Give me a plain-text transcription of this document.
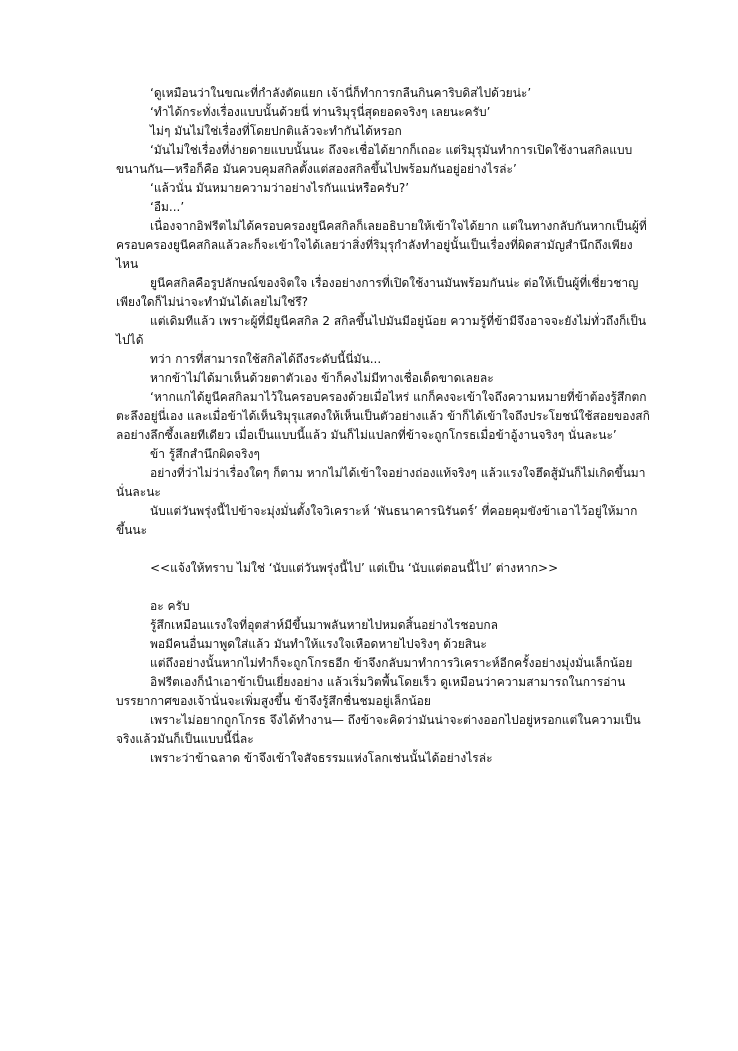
‘ดูเหมือนว่าในขณะที่กำลังตัดแยก เจ้านี่ก็ทำการกลืนกินคาริบดิสไปด้วยน่ะ’

‘ทำได้กระทั่งเรื่องแบบนั้นด้วยนี่ ท่านริมุรุนี่สุดยอดจริงๆ เลยนะครับ’

ไม่ๆ มันไม่ใช่เรื่องที่โดยปกติแล้วจะทำกันได้หรอก

‘มันไม่ใช่เรื่องที่ง่ายดายแบบนั้นนะ ถึงจะเชื่อได้ยากก็เถอะ แต่ริมุรุมันทำการเปิดใช้งานสกิลแบบขนานกัน—หรือก็คือ มันควบคุมสกิลตั้งแต่สองสกิลขึ้นไปพร้อมกันอยู่อย่างไรล่ะ’

‘แล้วนั่น มันหมายความว่าอย่างไรกันแน่หรือครับ?’

‘อืม...’

เนื่องจากอิฟรีตไม่ได้ครอบครองยูนีคสกิลก็เลยอธิบายให้เข้าใจได้ยาก แต่ในทางกลับกันหากเป็นผู้ที่ครอบครองยูนีคสกิลแล้วละก็จะเข้าใจได้เลยว่าสิ่งที่ริมุรุกำลังทำอยู่นั้นเป็นเรื่องที่ผิดสามัญสำนึกถึงเพียงไหน

ยูนีคสกิลคือรูปลักษณ์ของจิตใจ เรื่องอย่างการที่เปิดใช้งานมันพร้อมกันน่ะ ต่อให้เป็นผู้ที่เชี่ยวชาญเพียงใดก็ไม่น่าจะทำมันได้เลยไม่ใช่รึ?

แต่เดิมทีแล้ว เพราะผู้ที่มียูนีคสกิล 2 สกิลขึ้นไปมันมีอยู่น้อย ความรู้ที่ข้ามีจึงอาจจะยังไม่ทั่วถึงก็เป็นไปได้

ทว่า การที่สามารถใช้สกิลได้ถึงระดับนี้นี่มัน...

หากข้าไม่ได้มาเห็นด้วยตาตัวเอง ข้าก็คงไม่มีทางเชื่อเด็ดขาดเลยละ

‘หากแกได้ยูนีคสกิลมาไว้ในครอบครองด้วยเมื่อไหร่ แกก็คงจะเข้าใจถึงความหมายที่ข้าต้องรู้สึกตกตะลึงอยู่นี่เอง และเมื่อข้าได้เห็นริมุรุแสดงให้เห็นเป็นตัวอย่างแล้ว ข้าก็ได้เข้าใจถึงประโยชน์ใช้สอยของสกิลอย่างลึกซึ้งเลยทีเดียว เมื่อเป็นแบบนี้แล้ว มันก็ไม่แปลกที่ข้าจะถูกโกรธเมื่อข้าอู้งานจริงๆ นั่นละนะ’

ข้า รู้สึกสำนึกผิดจริงๆ

อย่างที่ว่าไม่ว่าเรื่องใดๆ ก็ตาม หากไม่ได้เข้าใจอย่างถ่องแท้จริงๆ แล้วแรงใจฮึดสู้มันก็ไม่เกิดขึ้นมานั่นละนะ

นับแต่วันพรุ่งนี้ไปข้าจะมุ่งมั่นตั้งใจวิเคราะห์ ‘พันธนาคารนิรันดร์’ ที่คอยคุมขังข้าเอาไว้อยู่ให้มากขึ้นนะ

<<แจ้งให้ทราบ ไม่ใช่ ‘นับแต่วันพรุ่งนี้ไป’ แต่เป็น ‘นับแต่ตอนนี้ไป’ ต่างหาก>>

อะ ครับ

รู้สึกเหมือนแรงใจที่อุตส่าห์มีขึ้นมาพลันหายไปหมดสิ้นอย่างไรชอบกล

พอมีคนอื่นมาพูดใส่แล้ว มันทำให้แรงใจเหือดหายไปจริงๆ ด้วยสินะ

แต่ถึงอย่างนั้นหากไม่ทำก็จะถูกโกรธอีก ข้าจึงกลับมาทำการวิเคราะห์อีกครั้งอย่างมุ่งมั่นเล็กน้อย

อิฟรีตเองก็นำเอาข้าเป็นเยี่ยงอย่าง แล้วเริ่มวิตพื้นโดยเร็ว ดูเหมือนว่าความสามารถในการอ่านบรรยากาศของเจ้านั่นจะเพิ่มสูงขึ้น ข้าจึงรู้สึกชื่นชมอยู่เล็กน้อย

เพราะไม่อยากถูกโกรธ จึงได้ทำงาน— ถึงข้าจะคิดว่ามันน่าจะต่างออกไปอยู่หรอกแต่ในความเป็นจริงแล้วมันก็เป็นแบบนี้นี่ละ

เพราะว่าข้าฉลาด ข้าจึงเข้าใจสัจธรรมแห่งโลกเช่นนั้นได้อย่างไรล่ะ
